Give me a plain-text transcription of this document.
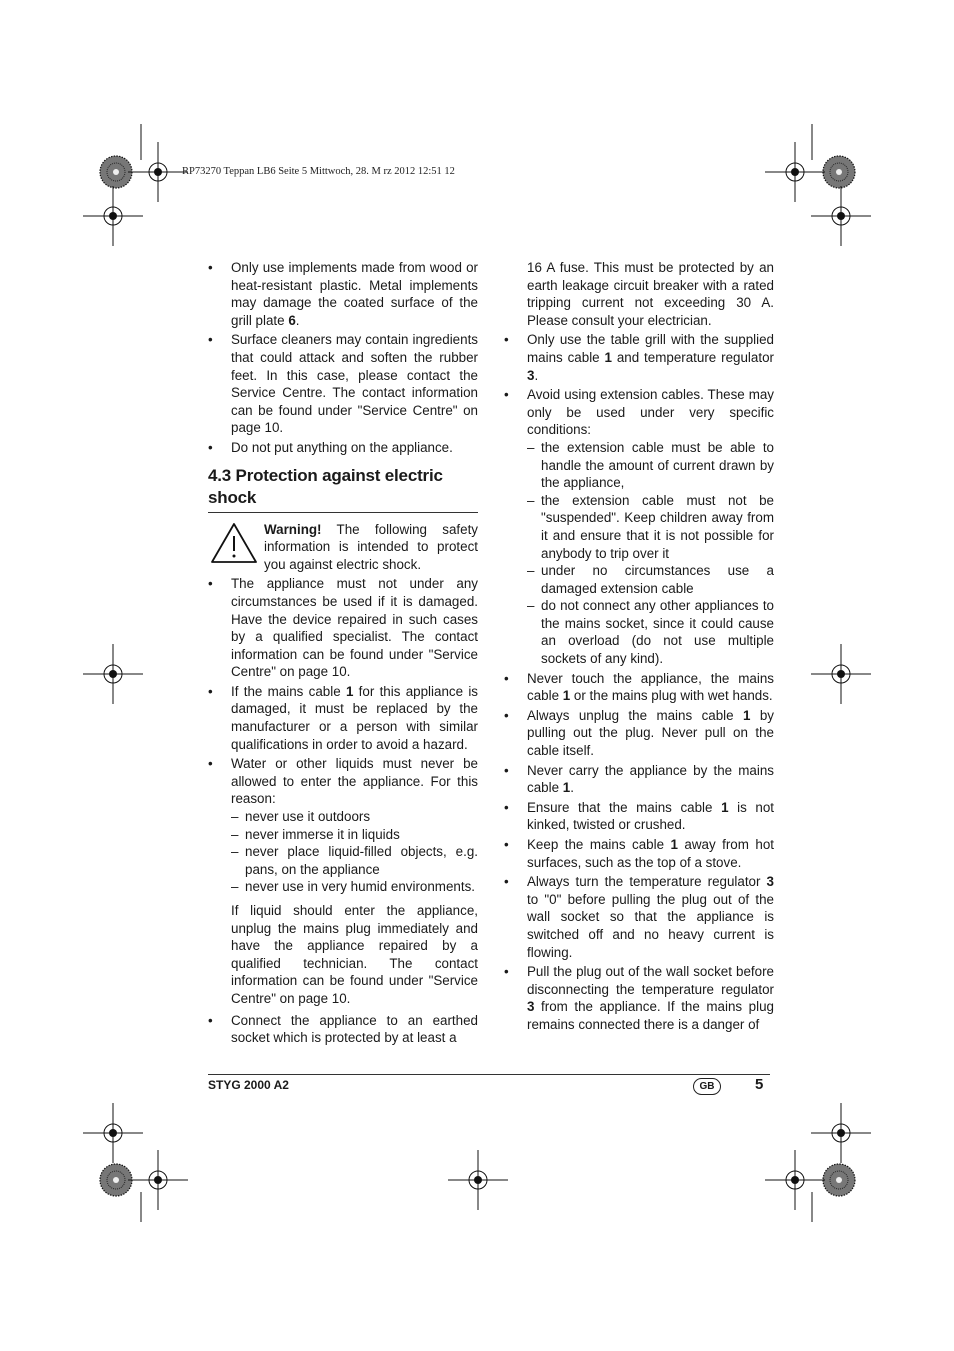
RP73270 Teppan LB6 Seite 5 Mittwoch, 28. M rz 2012 12:51 12
• Only use implements made from wood or heat-resistant plastic. Metal implements may damage the coated surface of the grill plate 6.
• Surface cleaners may contain ingredients that could attack and soften the rubber feet. In this case, please contact the Service Centre. The contact information can be found under "Service Centre" on page 10.
• Do not put anything on the appliance.
4.3 Protection against electric shock

Warning! The following safety information is intended to protect you against electric shock.

• The appliance must not under any circumstances be used if it is damaged. Have the device repaired in such cases by a qualified specialist. The contact information can be found under "Service Centre" on page 10.
• If the mains cable 1 for this appliance is damaged, it must be replaced by the manufacturer or a person with similar qualifications in order to avoid a hazard.

• Water or other liquids must never be allowed to enter the appliance. For this reason:

– never use it outdoors
– never immerse it in liquids
– never place liquid-filled objects, e.g. pans, on the appliance
– never use in very humid environments.

If liquid should enter the appliance, unplug the mains plug immediately and have the appliance repaired by a qualified technician. The contact information can be found under "Service Centre" on page 10.

• Connect the appliance to an earthed socket which is protected by at least a

16 A fuse. This must be protected by an earth leakage circuit breaker with a rated tripping current not exceeding 30 A. Please consult your electrician.

• Only use the table grill with the supplied mains cable 1 and temperature regulator 3.

• Avoid using extension cables. These may only be used under very specific conditions:

– the extension cable must be able to handle the amount of current drawn by the appliance,
– the extension cable must not be "suspended". Keep children away from it and ensure that it is not possible for anybody to trip over it
– under no circumstances use a damaged extension cable
– do not connect any other appliances to the mains socket, since it could cause an overload (do not use multiple sockets of any kind).
• Never touch the appliance, the mains cable 1 or the mains plug with wet hands.
• Always unplug the mains cable 1 by pulling out the plug. Never pull on the cable itself.
• Never carry the appliance by the mains cable 1.
• Ensure that the mains cable 1 is not kinked, twisted or crushed.
• Keep the mains cable 1 away from hot surfaces, such as the top of a stove.
• Always turn the temperature regulator 3 to "0" before pulling the plug out of the wall socket so that the appliance is switched off and no heavy current is flowing.
• Pull the plug out of the wall socket before disconnecting the temperature regulator 3 from the appliance. If the mains plug remains connected there is a danger of
STYG 2000 A2	GB	5
